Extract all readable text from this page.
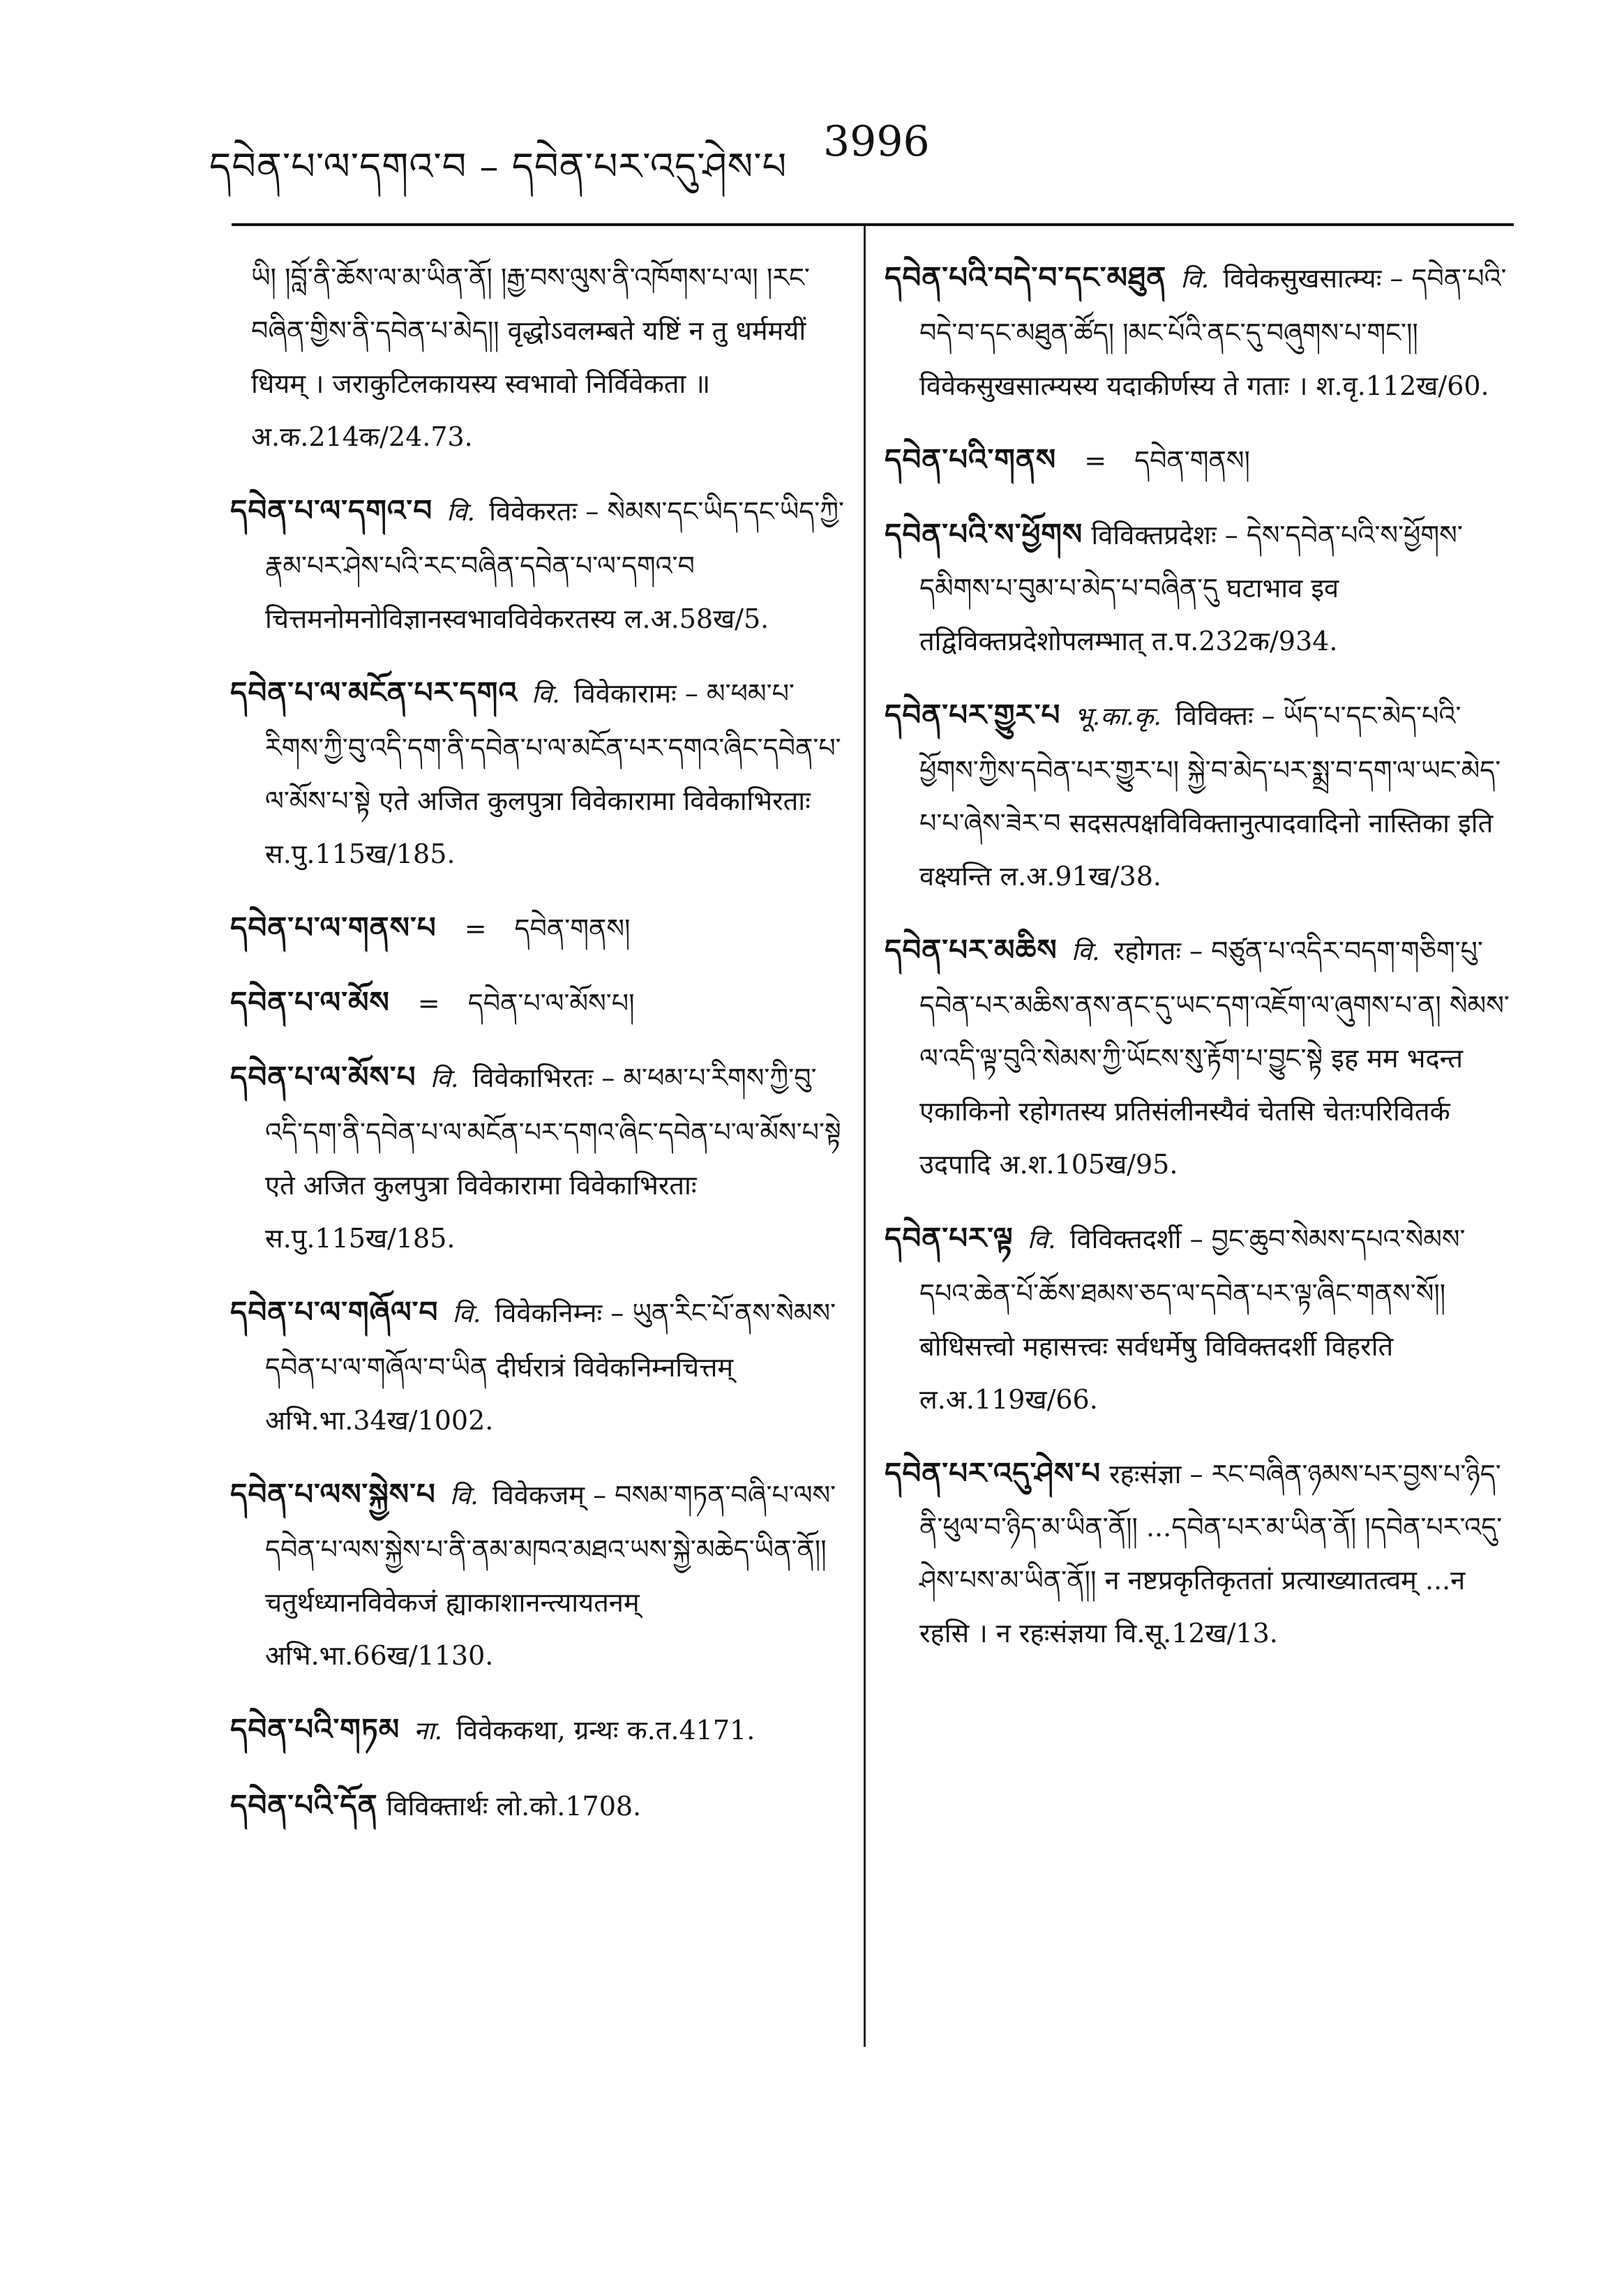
དབེན་པ་ལ་དགའ་བ – དབེན་པར་འདུ་ཤེས་པ
3996

ཡི། །བློ་ནི་ཆོས་ལ་མ་ཡིན་ནོ། །རྒྱ་བས་ལུས་ནི་འཁོགས་པ་ལ། །རང་བཞིན་གྱིས་ནི་དབེན་པ་མེད།། वृद्धोऽवलम्बते यष्टिं न तु धर्ममयीं धियम् । जराकुटिलकायस्य स्वभावो निर्विवेकता ॥ अ.क.214क/24.73.

དབེན་པ་ལ་དགའ་བ वि. विवेकरतः – སེམས་དང་ཡིད་དང་ཡིད་ཀྱི་རྣམ་པར་ཤེས་པའི་རང་བཞིན་དབེན་པ་ལ་དགའ་བ चित्तमनोमनोविज्ञानस्वभावविवेकरतस्य ल.अ.58ख/5.

དབེན་པ་ལ་མངོན་པར་དགའ वि. विवेकारामः – མ་ཕམ་པ་རིགས་ཀྱི་བུ་འདི་དག་ནི་དབེན་པ་ལ་མངོན་པར་དགའ་ཞིང་དབེན་པ་ལ་མོས་པ་སྟེ एते अजित कुलपुत्रा विवेकारामा विवेकाभिरताः स.पु.115ख/185.

དབེན་པ་ལ་གནས་པ = དབེན་གནས།

དབེན་པ་ལ་མོས = དབེན་པ་ལ་མོས་པ།

དབེན་པ་ལ་མོས་པ वि. विवेकाभिरतः – མ་ཕམ་པ་རིགས་ཀྱི་བུ་འདི་དག་ནི་དབེན་པ་ལ་མངོན་པར་དགའ་ཞིང་དབེན་པ་ལ་མོས་པ་སྟེ एते अजित कुलपुत्रा विवेकारामा विवेकाभिरताः स.पु.115ख/185.

དབེན་པ་ལ་གཞོལ་བ वि. विवेकनिम्नः – ཡུན་རིང་པོ་ནས་སེམས་དབེན་པ་ལ་གཞོལ་བ་ཡིན दीर्घरात्रं विवेकनिम्नचित्तम् अभि.भा.34ख/1002.

དབེན་པ་ལས་སྐྱེས་པ वि. विवेकजम् – བསམ་གཏན་བཞི་པ་ལས་དབེན་པ་ལས་སྐྱེས་པ་ནི་ནམ་མཁའ་མཐའ་ཡས་སྐྱེ་མཆེད་ཡིན་ནོ།། चतुर्थध्यानविवेकजं ह्याकाशानन्त्यायतनम् अभि.भा.66ख/1130.

དབེན་པའི་གཏམ ना. विवेककथा, ग्रन्थः क.त.4171.

དབེན་པའི་དོན विविक्तार्थः लो.को.1708.

དབེན་པའི་བདེ་བ་དང་མཐུན वि. विवेकसुखसात्म्यः – དབེན་པའི་བདེ་བ་དང་མཐུན་ཚོད། །མང་པོའི་ནང་དུ་བཞུགས་པ་གང་།། विवेकसुखसात्म्यस्य यदाकीर्णस्य ते गताः । श.वृ.112ख/60.

དབེན་པའི་གནས = དབེན་གནས།

དབེན་པའི་ས་ཕྱོགས विविक्तप्रदेशः – དེས་དབེན་པའི་ས་ཕྱོགས་དམིགས་པ་བུམ་པ་མེད་པ་བཞིན་དུ घटाभाव इव तद्विविक्तप्रदेशोपलम्भात् त.प.232क/934.

དབེན་པར་གྱུར་པ भू.का.कृ. विविक्तः – ཡོད་པ་དང་མེད་པའི་ཕྱོགས་ཀྱིས་དབེན་པར་གྱུར་པ། སྐྱེ་བ་མེད་པར་སྨྲ་བ་དག་ལ་ཡང་མེད་པ་པ་ཞེས་ཟེར་བ सदसत्पक्षविविक्तानुत्पादवादिनो नास्तिका इति वक्ष्यन्ति ल.अ.91ख/38.

དབེན་པར་མཆིས वि. रहोगतः – བཙུན་པ་འདིར་བདག་གཅིག་པུ་དབེན་པར་མཆིས་ནས་ནང་དུ་ཡང་དག་འཇོག་ལ་ཞུགས་པ་ན། སེམས་ལ་འདི་ལྟ་བུའི་སེམས་ཀྱི་ཡོངས་སུ་རྟོག་པ་བྱུང་སྟེ इह मम भदन्त एकाकिनो रहोगतस्य प्रतिसंलीनस्यैवं चेतसि चेतःपरिवितर्क उदपादि अ.श.105ख/95.

དབེན་པར་ལྟ वि. विविक्तदर्शी – བྱང་ཆུབ་སེམས་དཔའ་སེམས་དཔའ་ཆེན་པོ་ཆོས་ཐམས་ཅད་ལ་དབེན་པར་ལྟ་ཞིང་གནས་སོ།། बोधिसत्त्वो महासत्त्वः सर्वधर्मेषु विविक्तदर्शी विहरति ल.अ.119ख/66.

དབེན་པར་འདུ་ཤེས་པ रहःसंज्ञा – རང་བཞིན་ཉམས་པར་བྱས་པ་ཉིད་ནི་ཕུལ་བ་ཉིད་མ་ཡིན་ནོ།། ...དབེན་པར་མ་ཡིན་ནོ། །དབེན་པར་འདུ་ཤེས་པས་མ་ཡིན་ནོ།། न नष्टप्रकृतिकृततां प्रत्याख्यातत्वम् ...न रहसि । न रहःसंज्ञया वि.सू.12ख/13.
